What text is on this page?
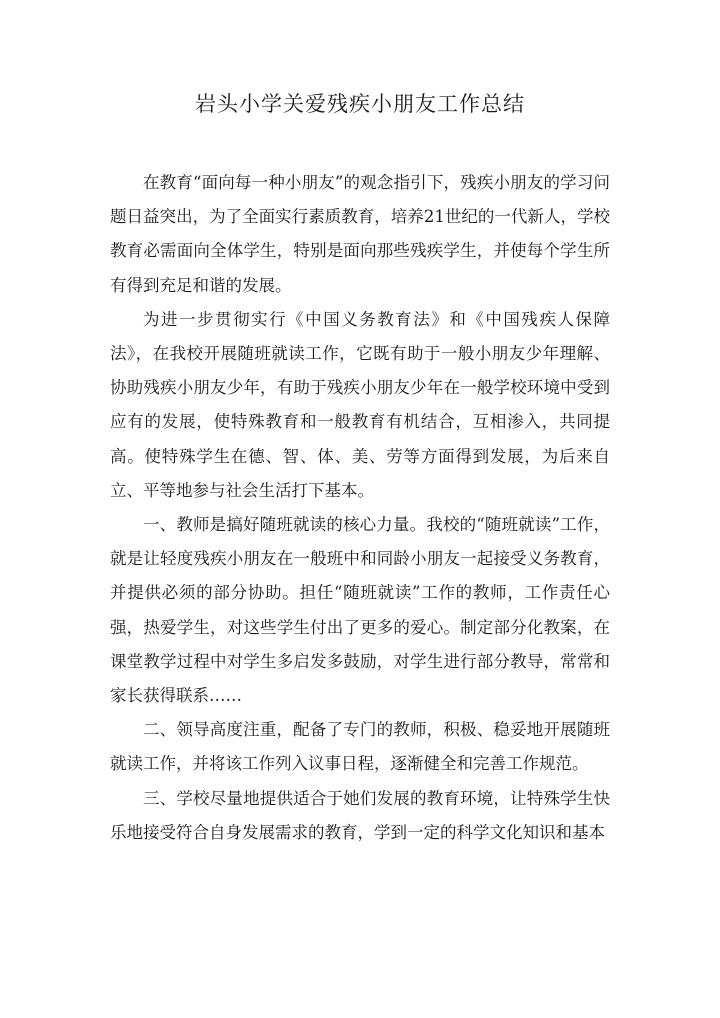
岩头小学关爱残疾小朋友工作总结

在教育“面向每一种小朋友”的观念指引下，残疾小朋友的学习问题日益突出，为了全面实行素质教育，培养21世纪的一代新人，学校教育必需面向全体学生，特别是面向那些残疾学生，并使每个学生所有得到充足和谐的发展。

为进一步贯彻实行《中国义务教育法》和《中国残疾人保障法》，在我校开展随班就读工作，它既有助于一般小朋友少年理解、协助残疾小朋友少年，有助于残疾小朋友少年在一般学校环境中受到应有的发展，使特殊教育和一般教育有机结合，互相渗入，共同提高。使特殊学生在德、智、体、美、劳等方面得到发展，为后来自立、平等地参与社会生活打下基本。

一、教师是搞好随班就读的核心力量。我校的“随班就读”工作，就是让轻度残疾小朋友在一般班中和同龄小朋友一起接受义务教育，并提供必须的部分协助。担任“随班就读”工作的教师，工作责任心强，热爱学生，对这些学生付出了更多的爱心。制定部分化教案，在课堂教学过程中对学生多启发多鼓励，对学生进行部分教导，常常和家长获得联系……

二、领导高度注重，配备了专门的教师，积极、稳妥地开展随班就读工作，并将该工作列入议事日程，逐渐健全和完善工作规范。

三、学校尽量地提供适合于她们发展的教育环境，让特殊学生快乐地接受符合自身发展需求的教育，学到一定的科学文化知识和基本
